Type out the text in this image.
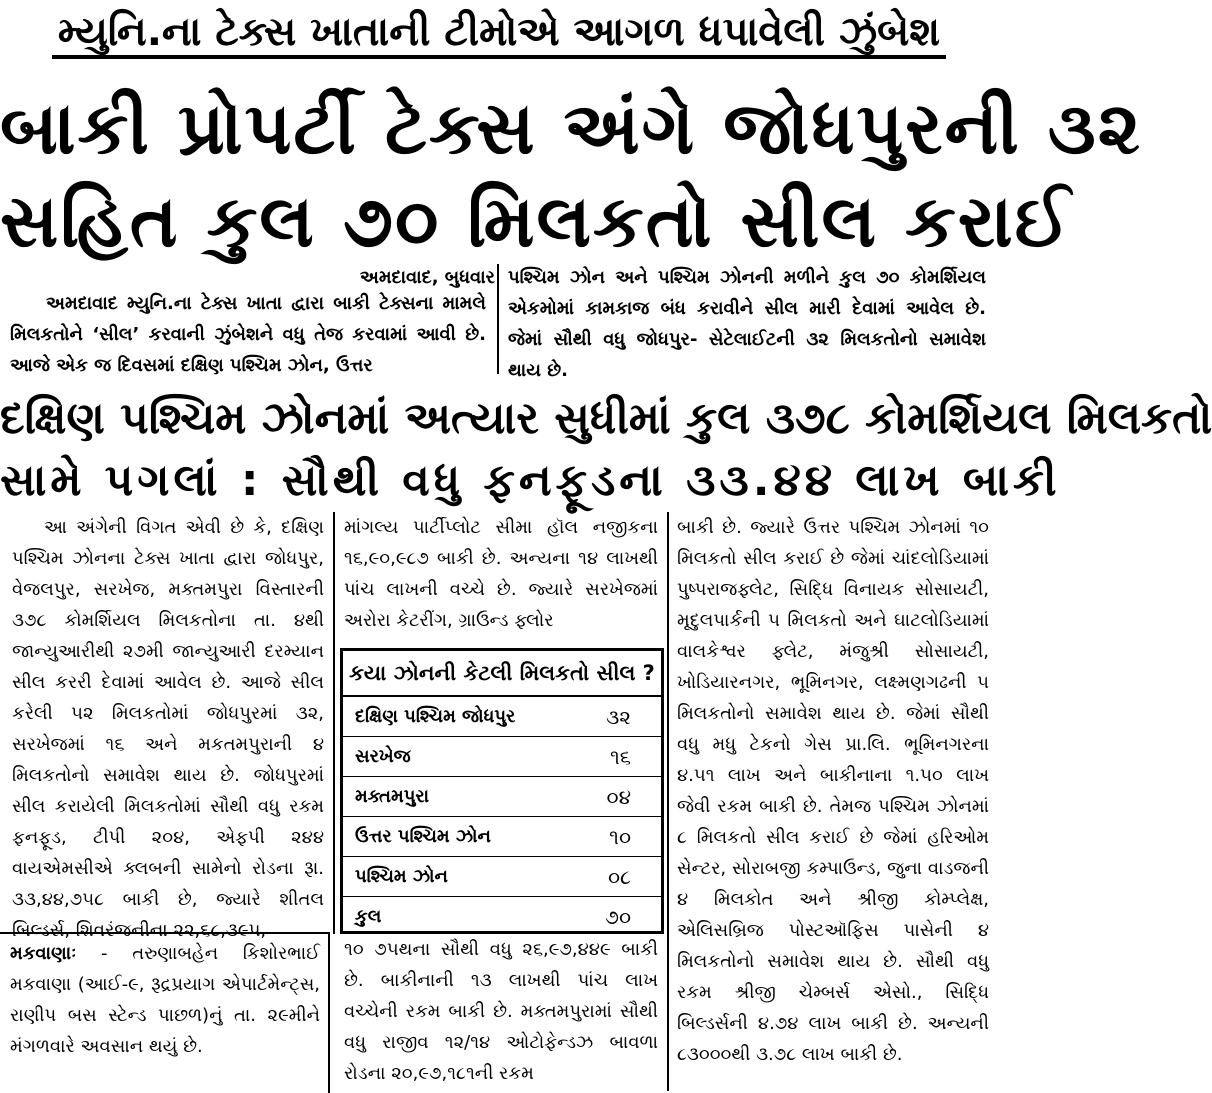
મ્યુનિ.ના ટેક્સ ખાતાની ટીમોએ આગળ ધપાવેલી ઝુંબેશ
બાકી પ્રોપર્ટી ટેક્સ અંગે જોધપુરની ૩૨
સહિત કુલ ૭૦ મિલકતો સીલ કરાઈ
અમદાવાદ, બુધવાર
અમદાવાદ મ્યુનિ.ના ટેક્સ ખાતા દ્વારા બાકી ટેક્સના મામલે મિલકતોને ‘સીલ’ કરવાની ઝુંબેશને વધુ તેજ કરવામાં આવી છે. આજે એક જ દિવસમાં દક્ષિણ પશ્ચિમ ઝોન, ઉત્તર
પશ્ચિમ ઝોન અને પશ્ચિમ ઝોનની મળીને કુલ ૭૦ કોમર્શિયલ એકમોમાં કામકાજ બંધ કરાવીને સીલ મારી દેવામાં આવેલ છે. જેમાં સૌથી વધુ જોધપુર- સેટેલાઈટની ૩૨ મિલકતોનો સમાવેશ થાય છે.
દક્ષિણ પશ્ચિમ ઝોનમાં અત્યાર સુધીમાં કુલ ૩૭૮ કોમર્શિયલ મિલકતો
સામે પગલાં : સૌથી વધુ ફનફૂડના ૩૩.૪૪ લાખ બાકી
આ અંગેની વિગત એવી છે કે, દક્ષિણ પશ્ચિમ ઝોનના ટેક્સ ખાતા દ્વારા જોધપુર, વેજલપુર, સરખેજ, મક્તમપુરા વિસ્તારની ૩૭૮ કોમર્શિયલ મિલકતોના તા. ૪થી જાન્યુઆરીથી ૨૭મી જાન્યુઆરી દરમ્યાન સીલ કરરી દેવામાં આવેલ છે. આજે સીલ કરેલી ૫૨ મિલકતોમાં જોધપુરમાં ૩૨, સરખેજમાં ૧૬ અને મકતમપુરાની ૪ મિલકતોનો સમાવેશ થાય છે. જોધપુરમાં સીલ કરાયેલી મિલકતોમાં સૌથી વધુ રકમ ફનફૂડ, ટીપી ૨૦૪, એફપી ૨૪૪ વાયએમસીએ ક્લબની સામેનો રોડના રૂા. ૩૩,૪૪,૭૫૮ બાકી છે, જ્યારે શીતલ બિલ્ડર્સ, શિવરંજનીના ૨૨,૬૮,૩૯૫,
માંગલ્ય પાર્ટીપ્લોટ સીમા હૉલ નજીકના ૧૬,૯૦,૯૮૭ બાકી છે. અન્યના ૧૪ લાખથી પાંચ લાખની વચ્ચે છે. જ્યારે સરખેજમાં અરોરા કેટરીંગ, ગ્રાઉન્ડ ફ્લોર
કયા ઝોનની કેટલી મિલકતો સીલ ?
દક્ષિણ પશ્ચિમ જોધપુર	૩૨
સરખેજ	૧૬
મક્તમપુરા	૦૪
ઉત્તર પશ્ચિમ ઝોન	૧૦
પશ્ચિમ ઝોન	૦૮
કુલ	૭૦
૧૦ ૭૫થના સૌથી વધુ ૨૬,૯૭,૪૪૯ બાકી છે. બાકીનાની ૧૩ લાખથી પાંચ લાખ વચ્ચેની રકમ બાકી છે. મક્તમપુરામાં સૌથી વધુ રાજીવ ૧૨/૧૪ ઓટોફેન્ડઝ બાવળા રોડના ૨૦,૯૭,૧૮૧ની રકમ
બાકી છે. જ્યારે ઉત્તર પશ્ચિમ ઝોનમાં ૧૦ મિલકતો સીલ કરાઈ છે જેમાં ચાંદલોડિયામાં પુષ્પરાજફ્લેટ, સિદ્ધિ વિનાયક સોસાયટી, મૃદુલપાર્કની ૫ મિલકતો અને ઘાટલોડિયામાં વાલકેશ્વર ફ્લેટ, મંજુશ્રી સોસાયટી, ખોડિયારનગર, ભૂમિનગર, લક્ષ્મણગઢની ૫ મિલકતોનો સમાવેશ થાય છે. જેમાં સૌથી વધુ મધુ ટેકનો ગેસ પ્રા.લિ. ભૂમિનગરના ૪.૫૧ લાખ અને બાકીનાના ૧.૫૦ લાખ જેવી રકમ બાકી છે. તેમજ પશ્ચિમ ઝોનમાં ૮ મિલકતો સીલ કરાઈ છે જેમાં હરિઓમ સેન્ટર, સોરાબજી કમ્પાઉન્ડ, જુના વાડજની ૪ મિલકોત અને શ્રીજી કોમ્પ્લેક્ષ, એલિસબ્રિજ પોસ્ટઑફિસ પાસેની ૪ મિલકતોનો સમાવેશ થાય છે. સૌથી વધુ રકમ શ્રીજી ચેમ્બર્સ એસો., સિદ્ધિ બિલ્ડર્સની ૪.૭૪ લાખ બાકી છે. અન્યની ૮૩૦૦૦થી ૩.૭૮ લાખ બાકી છે.
મકવાણાઃ - તરુણાબહેન કિશોરભાઈ મકવાણા (આઈ-૯, રૂદ્રપ્રયાગ એપાર્ટમેન્ટ્સ, રાણીપ બસ સ્ટેન્ડ પાછળ)નું તા. ૨૯મીને મંગળવારે અવસાન થયું છે.
